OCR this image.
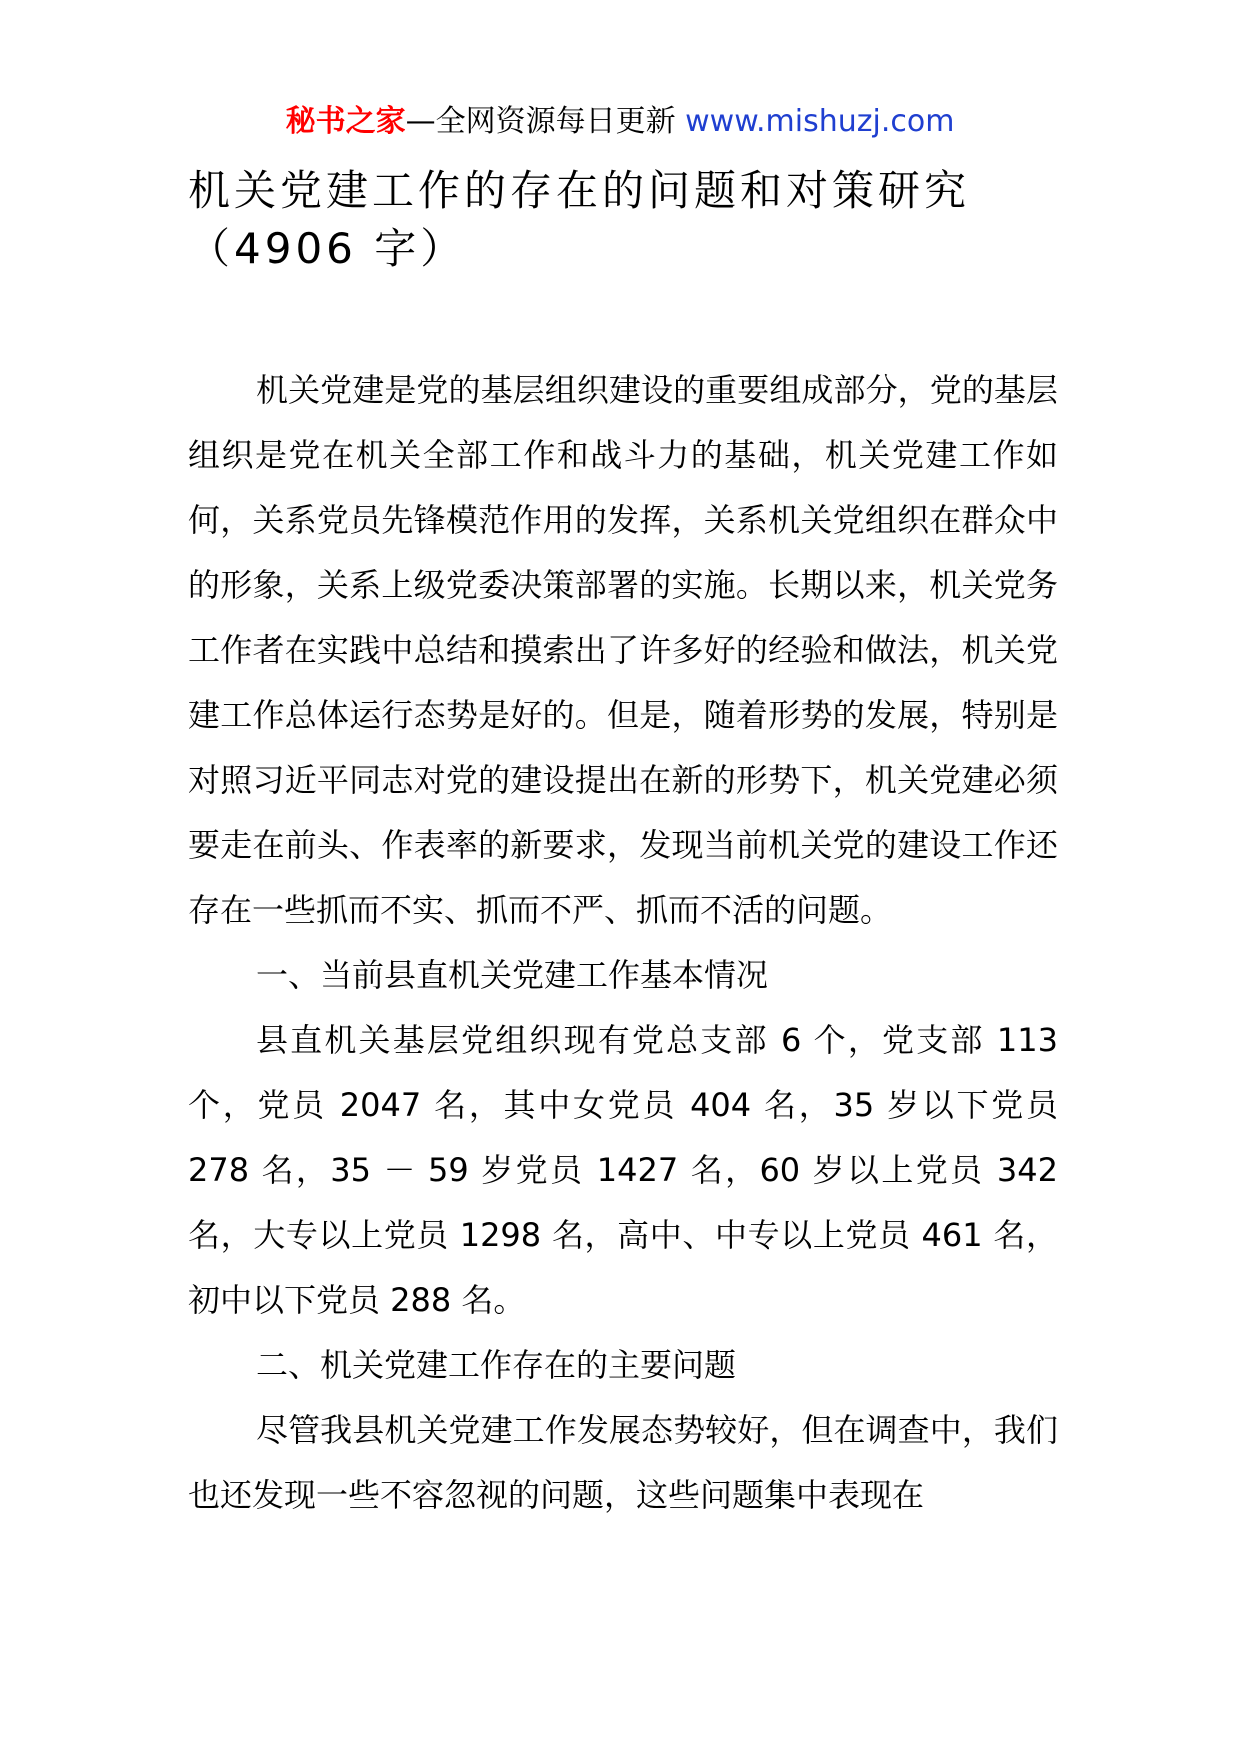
秘书之家—全网资源每日更新 www.mishuzj.com
机关党建工作的存在的问题和对策研究（4906 字）

机关党建是党的基层组织建设的重要组成部分，党的基层组织是党在机关全部工作和战斗力的基础，机关党建工作如何，关系党员先锋模范作用的发挥，关系机关党组织在群众中的形象，关系上级党委决策部署的实施。长期以来，机关党务工作者在实践中总结和摸索出了许多好的经验和做法，机关党建工作总体运行态势是好的。但是，随着形势的发展，特别是对照习近平同志对党的建设提出在新的形势下，机关党建必须要走在前头、作表率的新要求，发现当前机关党的建设工作还存在一些抓而不实、抓而不严、抓而不活的问题。

一、当前县直机关党建工作基本情况

县直机关基层党组织现有党总支部 6 个，党支部 113 个，党员 2047 名，其中女党员 404 名，35 岁以下党员 278 名，35 － 59 岁党员 1427 名，60 岁以上党员 342 名，大专以上党员 1298 名，高中、中专以上党员 461 名，初中以下党员 288 名。

二、机关党建工作存在的主要问题

尽管我县机关党建工作发展态势较好，但在调查中，我们也还发现一些不容忽视的问题，这些问题集中表现在
